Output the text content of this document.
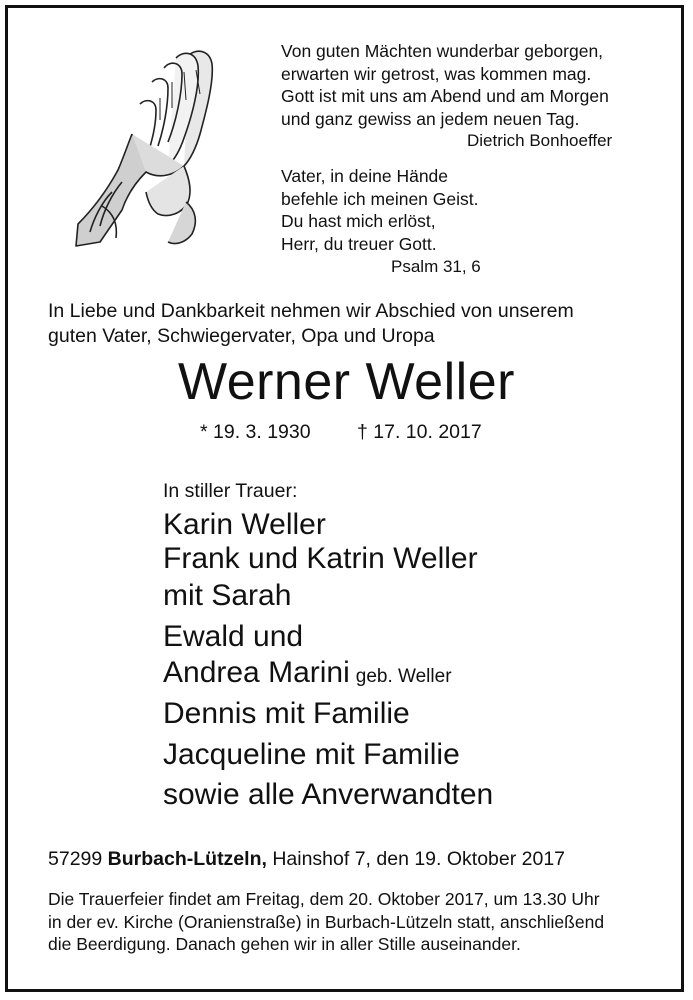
Von guten Mächten wunderbar geborgen,
erwarten wir getrost, was kommen mag.
Gott ist mit uns am Abend und am Morgen
und ganz gewiss an jedem neuen Tag.
Dietrich Bonhoeffer
Vater, in deine Hände
befehle ich meinen Geist.
Du hast mich erlöst,
Herr, du treuer Gott.
Psalm 31, 6
In Liebe und Dankbarkeit nehmen wir Abschied von unserem
guten Vater, Schwiegervater, Opa und Uropa
Werner Weller
* 19. 3. 1930 † 17. 10. 2017
In stiller Trauer:
Karin Weller
Frank und Katrin Weller
mit Sarah
Ewald und
Andrea Marini geb. Weller
Dennis mit Familie
Jacqueline mit Familie
sowie alle Anverwandten
57299 Burbach-Lützeln, Hainshof 7, den 19. Oktober 2017
Die Trauerfeier findet am Freitag, dem 20. Oktober 2017, um 13.30 Uhr
in der ev. Kirche (Oranienstraße) in Burbach-Lützeln statt, anschließend
die Beerdigung. Danach gehen wir in aller Stille auseinander.
